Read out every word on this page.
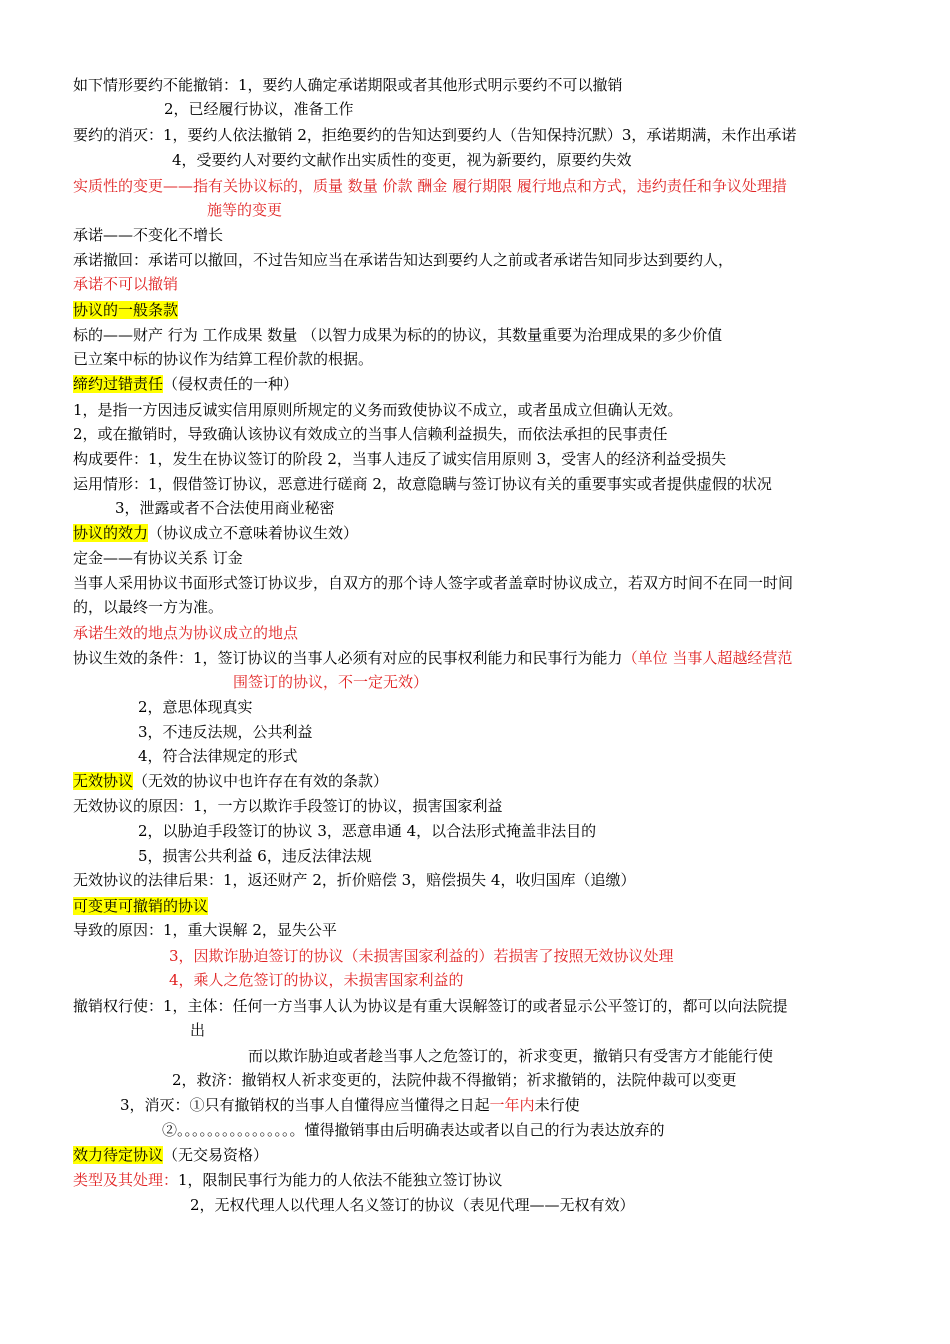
如下情形要约不能撤销：1，要约人确定承诺期限或者其他形式明示要约不可以撤销
2，已经履行协议，准备工作
要约的消灭：1，要约人依法撤销 2，拒绝要约的告知达到要约人（告知保持沉默）3，承诺期满，未作出承诺
4，受要约人对要约文献作出实质性的变更，视为新要约，原要约失效
实质性的变更——指有关协议标的，质量 数量 价款 酬金 履行期限 履行地点和方式，违约责任和争议处理措
施等的变更
承诺——不变化不增长
承诺撤回：承诺可以撤回，不过告知应当在承诺告知达到要约人之前或者承诺告知同步达到要约人，
承诺不可以撤销
协议的一般条款
标的——财产 行为 工作成果 数量 （以智力成果为标的的协议，其数量重要为治理成果的多少价值
已立案中标的协议作为结算工程价款的根据。
缔约过错责任（侵权责任的一种）
1，是指一方因违反诚实信用原则所规定的义务而致使协议不成立，或者虽成立但确认无效。
2，或在撤销时，导致确认该协议有效成立的当事人信赖利益损失，而依法承担的民事责任
构成要件：1，发生在协议签订的阶段 2，当事人违反了诚实信用原则 3，受害人的经济利益受损失
运用情形：1，假借签订协议，恶意进行磋商 2，故意隐瞒与签订协议有关的重要事实或者提供虚假的状况
3，泄露或者不合法使用商业秘密
协议的效力（协议成立不意味着协议生效）
定金——有协议关系 订金
当事人采用协议书面形式签订协议步，自双方的那个诗人签字或者盖章时协议成立，若双方时间不在同一时间
的，以最终一方为准。
承诺生效的地点为协议成立的地点
协议生效的条件：1，签订协议的当事人必须有对应的民事权利能力和民事行为能力（单位 当事人超越经营范
围签订的协议，不一定无效）
2，意思体现真实
3，不违反法规，公共利益
4，符合法律规定的形式
无效协议（无效的协议中也许存在有效的条款）
无效协议的原因：1，一方以欺诈手段签订的协议，损害国家利益
2，以胁迫手段签订的协议 3，恶意串通 4，以合法形式掩盖非法目的
5，损害公共利益 6，违反法律法规
无效协议的法律后果：1，返还财产 2，折价赔偿 3，赔偿损失 4，收归国库（追缴）
可变更可撤销的协议
导致的原因：1，重大误解 2，显失公平
3，因欺诈胁迫签订的协议（未损害国家利益的）若损害了按照无效协议处理
4，乘人之危签订的协议，未损害国家利益的
撤销权行使：1，主体：任何一方当事人认为协议是有重大误解签订的或者显示公平签订的，都可以向法院提
出
而以欺诈胁迫或者趁当事人之危签订的，祈求变更，撤销只有受害方才能能行使
2，救济：撤销权人祈求变更的，法院仲裁不得撤销；祈求撤销的，法院仲裁可以变更
3，消灭：①只有撤销权的当事人自懂得应当懂得之日起一年内未行使
②。。。。。。。。。。。。。。。。懂得撤销事由后明确表达或者以自己的行为表达放弃的
效力待定协议（无交易资格）
类型及其处理：1，限制民事行为能力的人依法不能独立签订协议
2，无权代理人以代理人名义签订的协议（表见代理——无权有效）
